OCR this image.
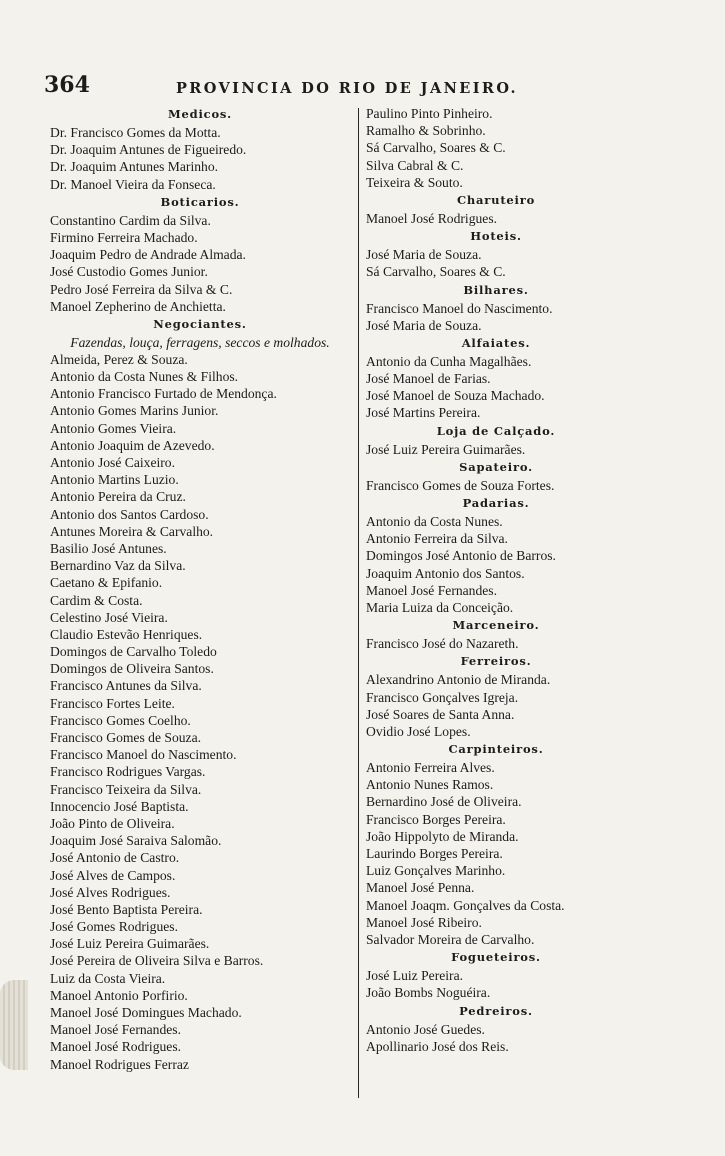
364	PROVINCIA DO RIO DE JANEIRO.
Medicos.
Dr. Francisco Gomes da Motta.
Dr. Joaquim Antunes de Figueiredo.
Dr. Joaquim Antunes Marinho.
Dr. Manoel Vieira da Fonseca.
Boticarios.
Constantino Cardim da Silva.
Firmino Ferreira Machado.
Joaquim Pedro de Andrade Almada.
José Custodio Gomes Junior.
Pedro José Ferreira da Silva & C.
Manoel Zepherino de Anchietta.
Negociantes.
Fazendas, louça, ferragens, seccos e molhados.
Almeida, Perez & Souza.
Antonio da Costa Nunes & Filhos.
Antonio Francisco Furtado de Mendonça.
Antonio Gomes Marins Junior.
Antonio Gomes Vieira.
Antonio Joaquim de Azevedo.
Antonio José Caixeiro.
Antonio Martins Luzio.
Antonio Pereira da Cruz.
Antonio dos Santos Cardoso.
Antunes Moreira & Carvalho.
Basilio José Antunes.
Bernardino Vaz da Silva.
Caetano & Epifanio.
Cardim & Costa.
Celestino José Vieira.
Claudio Estevão Henriques.
Domingos de Carvalho Toledo
Domingos de Oliveira Santos.
Francisco Antunes da Silva.
Francisco Fortes Leite.
Francisco Gomes Coelho.
Francisco Gomes de Souza.
Francisco Manoel do Nascimento.
Francisco Rodrigues Vargas.
Francisco Teixeira da Silva.
Innocencio José Baptista.
João Pinto de Oliveira.
Joaquim José Saraiva Salomão.
José Antonio de Castro.
José Alves de Campos.
José Alves Rodrigues.
José Bento Baptista Pereira.
José Gomes Rodrigues.
José Luiz Pereira Guimarães.
José Pereira de Oliveira Silva e Barros.
Luiz da Costa Vieira.
Manoel Antonio Porfirio.
Manoel José Domingues Machado.
Manoel José Fernandes.
Manoel José Rodrigues.
Manoel Rodrigues Ferraz
Paulino Pinto Pinheiro.
Ramalho & Sobrinho.
Sá Carvalho, Soares & C.
Silva Cabral & C.
Teixeira & Souto.
Charuteiro
Manoel José Rodrigues.
Hoteis.
José Maria de Souza.
Sá Carvalho, Soares & C.
Bilhares.
Francisco Manoel do Nascimento.
José Maria de Souza.
Alfaiates.
Antonio da Cunha Magalhães.
José Manoel de Farias.
José Manoel de Souza Machado.
José Martins Pereira.
Loja de Calçado.
José Luiz Pereira Guimarães.
Sapateiro.
Francisco Gomes de Souza Fortes.
Padarias.
Antonio da Costa Nunes.
Antonio Ferreira da Silva.
Domingos José Antonio de Barros.
Joaquim Antonio dos Santos.
Manoel José Fernandes.
Maria Luiza da Conceição.
Marceneiro.
Francisco José do Nazareth.
Ferreiros.
Alexandrino Antonio de Miranda.
Francisco Gonçalves Igreja.
José Soares de Santa Anna.
Ovidio José Lopes.
Carpinteiros.
Antonio Ferreira Alves.
Antonio Nunes Ramos.
Bernardino José de Oliveira.
Francisco Borges Pereira.
João Hippolyto de Miranda.
Laurindo Borges Pereira.
Luiz Gonçalves Marinho.
Manoel José Penna.
Manoel Joaqm. Gonçalves da Costa.
Manoel José Ribeiro.
Salvador Moreira de Carvalho.
Fogueteiros.
José Luiz Pereira.
João Bombs Noguéira.
Pedreiros.
Antonio José Guedes.
Apollinario José dos Reis.
